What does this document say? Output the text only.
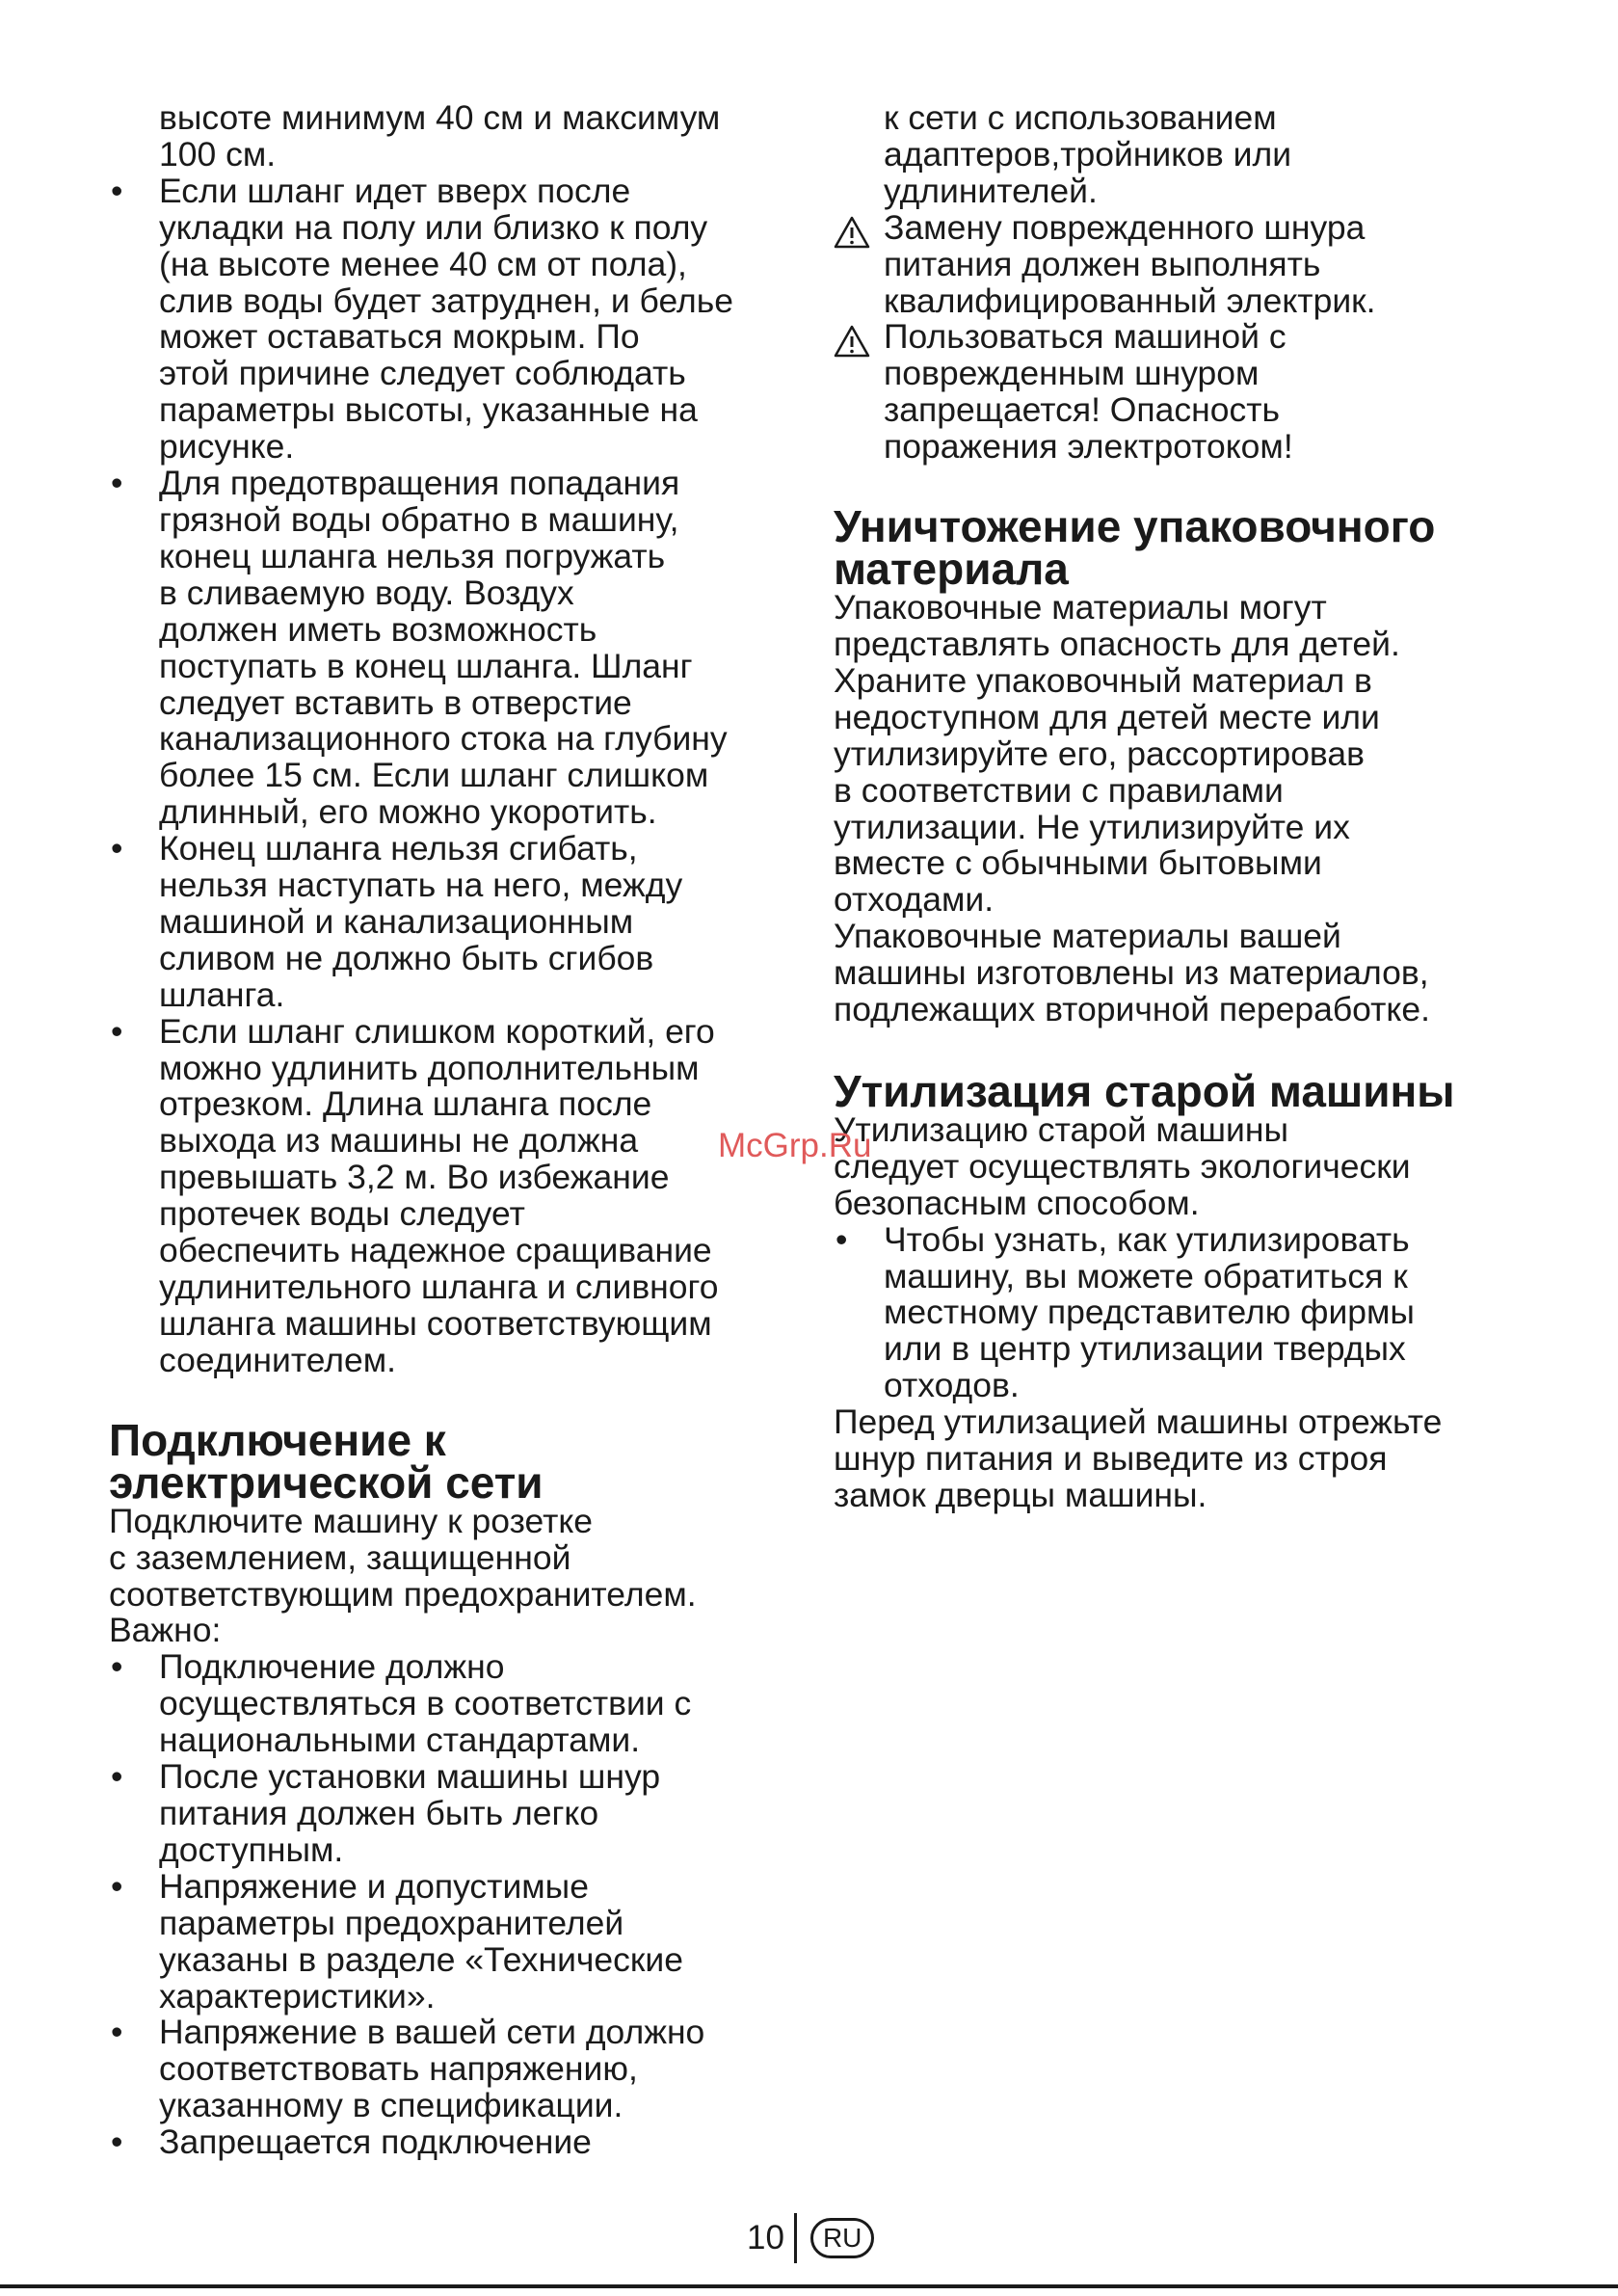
высоте минимум 40 см и максимум

100 см.

• Если шланг идет вверх после

укладки на полу или близко к полу

(на высоте менее 40 см от пола),

слив воды будет затруднен, и белье

может оставаться мокрым. По

этой причине следует соблюдать

параметры высоты, указанные на

рисунке.

• Для предотвращения попадания

грязной воды обратно в машину,

конец шланга нельзя погружать

в сливаемую воду. Воздух

должен иметь возможность

поступать в конец шланга. Шланг

следует вставить в отверстие

канализационного стока на глубину

более 15 см. Если шланг слишком

длинный, его можно укоротить.

• Конец шланга нельзя сгибать,

нельзя наступать на него, между

машиной и канализационным

сливом не должно быть сгибов

шланга.

• Если шланг слишком короткий, его

можно удлинить дополнительным

отрезком. Длина шланга после

выхода из машины не должна

превышать 3,2 м. Во избежание

протечек воды следует

обеспечить надежное сращивание

удлинительного шланга и сливного

шланга машины соответствующим

соединителем.

Подключение к
электрической сети

Подключите машину к розетке

с заземлением, защищенной

соответствующим предохранителем.

Важно:

• Подключение должно

осуществляться в соответствии с

национальными стандартами.

• После установки машины шнур

питания должен быть легко

доступным.

• Напряжение и допустимые

параметры предохранителей

указаны в разделе «Технические

характеристики».

• Напряжение в вашей сети должно

соответствовать напряжению,

указанному в спецификации.

• Запрещается подключение

к сети с использованием

адаптеров,тройников или

удлинителей.

Замену поврежденного шнура

питания должен выполнять

квалифицированный электрик.

Пользоваться машиной с

поврежденным шнуром

запрещается! Опасность

поражения электротоком!

Уничтожение упаковочного
материала

Упаковочные материалы могут

представлять опасность для детей.

Храните упаковочный материал в

недоступном для детей месте или

утилизируйте его, рассортировав

в соответствии с правилами

утилизации. Не утилизируйте их

вместе с обычными бытовыми

отходами.

Упаковочные материалы вашей

машины изготовлены из материалов,

подлежащих вторичной переработке.

Утилизация старой машины

Утилизацию старой машины

следует осуществлять экологически

безопасным способом.

• Чтобы узнать, как утилизировать

машину, вы можете обратиться к

местному представителю фирмы

или в центр утилизации твердых

отходов.

Перед утилизацией машины отрежьте

шнур питания и выведите из строя

замок дверцы машины.

McGrp.Ru
10	RU
